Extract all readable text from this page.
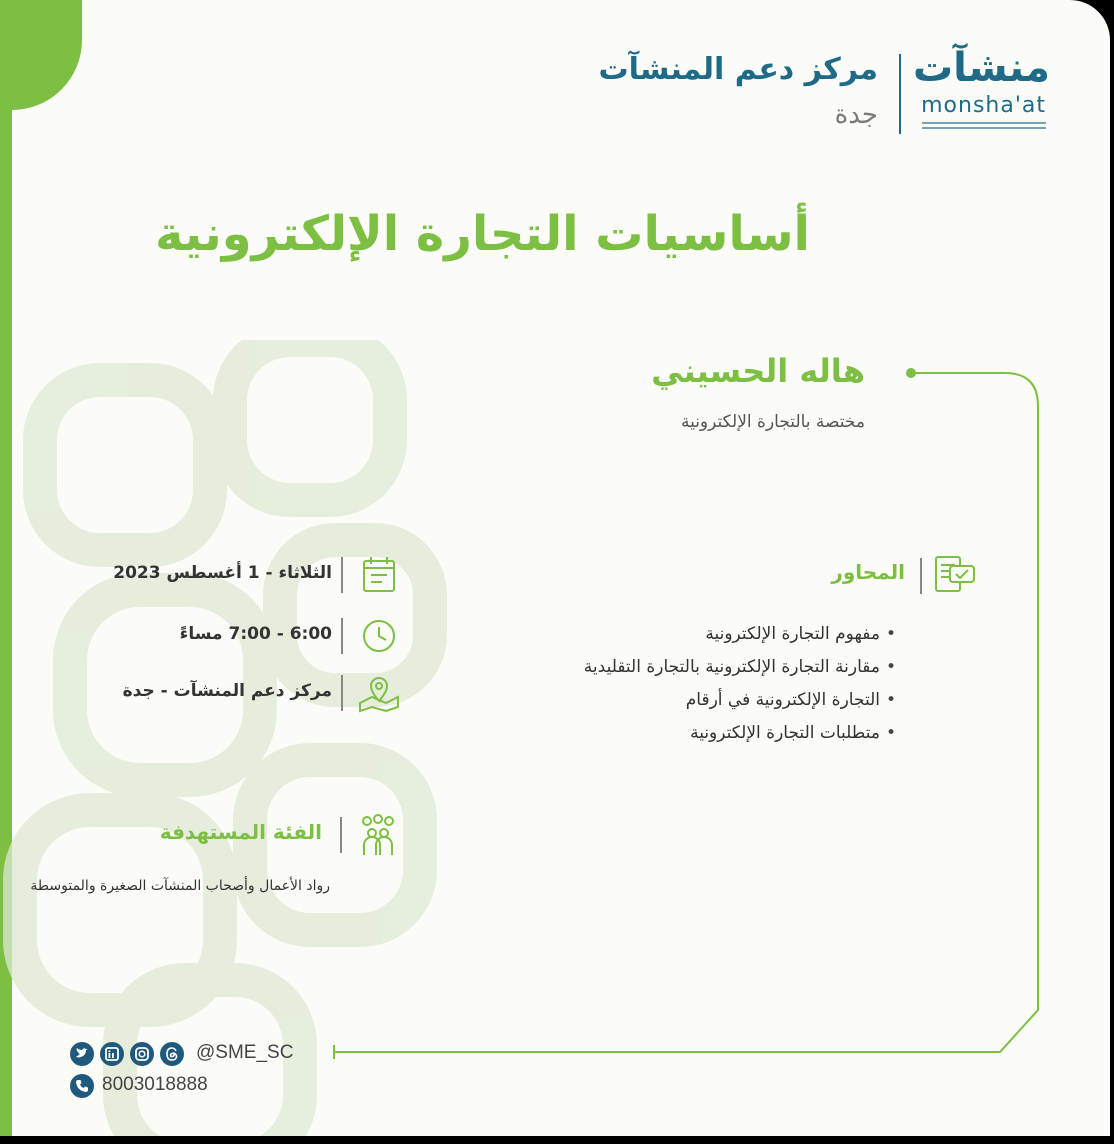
مركز دعم المنشآت
جدة
منشآت
monsha'at
أساسيات التجارة الإلكترونية
هاله الحسيني
مختصة بالتجارة الإلكترونية
المحاور
• مفهوم التجارة الإلكترونية
• مقارنة التجارة الإلكترونية بالتجارة التقليدية
• التجارة الإلكترونية في أرقام
• متطلبات التجارة الإلكترونية
الثلاثاء - 1 أغسطس 2023
6:00 - 7:00 مساءً
مركز دعم المنشآت - جدة
الفئة المستهدفة
رواد الأعمال وأصحاب المنشآت الصغيرة والمتوسطة
@SME_SC
8003018888
